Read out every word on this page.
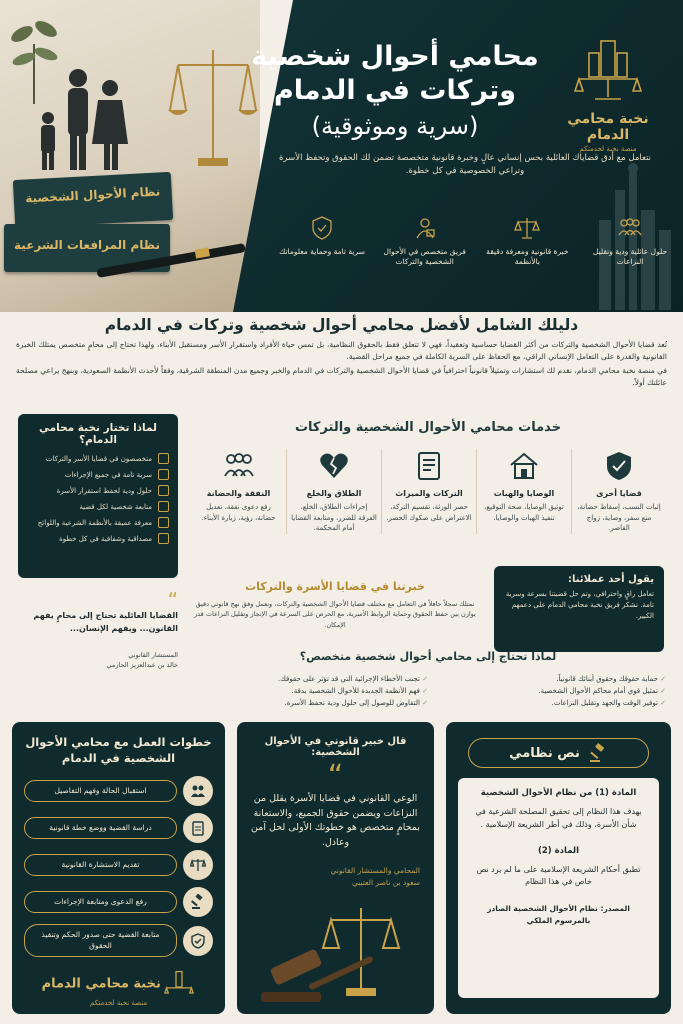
نظام الأحوال الشخصية
نظام المرافعات الشرعية
نخبة محامي الدمام
منصة نخبة لخدمتكم
محامي أحوال شخصية
وتركات في الدمام
(سرية وموثوقية)

نتعامل مع أدق قضاياك العائلية بحس إنساني عالٍ وخبرة قانونية متخصصة تضمن لك الحقوق وتحفظ الأسرة وتراعي الخصوصية في كل خطوة.

حلول عائلية ودية وتقليل النزاعات
خبرة قانونية ومعرفة دقيقة بالأنظمة
فريق متخصص في الأحوال الشخصية والتركات
سرية تامة وحماية معلوماتك
دليلك الشامل لأفضل محامي أحوال شخصية وتركات في الدمام

تُعد قضايا الأحوال الشخصية والتركات من أكثر القضايا حساسية وتعقيداً، فهي لا تتعلق فقط بالحقوق النظامية، بل تمس حياة الأفراد واستقرار الأسر ومستقبل الأبناء، ولهذا تحتاج إلى محامٍ متخصص يمتلك الخبرة القانونية والقدرة على التعامل الإنساني الراقي، مع الحفاظ على السرية الكاملة في جميع مراحل القضية.

في منصة نخبة محامي الدمام، نقدم لك استشارات وتمثيلاً قانونياً احترافياً في قضايا الأحوال الشخصية والتركات في الدمام والخبر وجميع مدن المنطقة الشرقية، وفقاً لأحدث الأنظمة السعودية، وبنهج يراعي مصلحة عائلتك أولاً.

لماذا تختار نخبة محامي الدمام؟
متخصصون في قضايا الأسر والتركات
سرية تامة في جميع الإجراءات
حلول ودية لحفظ استقرار الأسرة
متابعة شخصية لكل قضية
معرفة عميقة بالأنظمة الشرعية واللوائح
مصداقية وشفافية في كل خطوة
خدمات محامي الأحوال الشخصية والتركات
قضايا أخرى
إثبات النسب، إسقاط حضانة، منع سفر، وصاية، زواج القاصر.
الوصايا والهبات
توثيق الوصايا، صحة التوقيع، تنفيذ الهبات والوصايا.
التركات والميراث
حصر الورثة، تقسيم التركة، الاعتراض على صكوك الحصر.
الطلاق والخلع
إجراءات الطلاق، الخلع، الفرقة للضرر، ومتابعة القضايا أمام المحكمة.
النفقة والحضانة
رفع دعوى نفقة، تعديل حضانة، رؤية، زيارة الأبناء.
“
القضايا العائلية تحتاج إلى محامٍ يفهم القانون... ويفهم الإنسان...
المستشار القانوني
خالد بن عبدالعزيز الحازمي
خبرتنا في قضايا الأسرة والتركات

نمتلك سجلاً حافلاً في التعامل مع مختلف قضايا الأحوال الشخصية والتركات، ونعمل وفق نهج قانوني دقيق يوازن بين حفظ الحقوق وحماية الروابط الأسرية، مع الحرص على السرعة في الإنجاز وتقليل النزاعات قدر الإمكان.

يقول أحد عملائنا:

تعامل راقٍ واحترافي، وتم حل قضيتنا بسرعة وسرية تامة. نشكر فريق نخبة محامي الدمام على دعمهم الكبير.

لماذا تحتاج إلى محامي أحوال شخصية متخصص؟
✓ حماية حقوقك وحقوق أبنائك قانونياً.
✓ تمثيل قوي أمام محاكم الأحوال الشخصية.
✓ توفير الوقت والجهد وتقليل النزاعات.
✓ تجنب الأخطاء الإجرائية التي قد تؤثر على حقوقك.
✓ فهم الأنظمة الجديدة للأحوال الشخصية بدقة.
✓ التفاوض للوصول إلى حلول ودية تحفظ الأسرة.
نص نظامي
المادة (1) من نظام الأحوال الشخصية
يهدف هذا النظام إلى تحقيق المصلحة الشرعية في شأن الأسرة، وذلك في أطر الشريعة الإسلامية .
المادة (2)
تطبق أحكام الشريعة الإسلامية على ما لم يرد نص خاص في هذا النظام
المصدر: نظام الأحوال الشخصية الصادر بالمرسوم الملكي
قال خبير قانوني في الأحوال الشخصية:
“
الوعي القانوني في قضايا الأسرة يقلل من النزاعات ويضمن حقوق الجميع، والاستعانة بمحامٍ متخصص هو خطوتك الأولى لحل آمن وعادل.
المحامي والمستشار القانوني
سعود بن ناصر العتيبي
خطوات العمل مع محامي الأحوال الشخصية في الدمام
استقبال الحالة وفهم التفاصيل
دراسة القضية ووضع خطة قانونية
تقديم الاستشارة القانونية
رفع الدعوى ومتابعة الإجراءات
متابعة القضية حتى صدور الحكم وتنفيذ الحقوق
نخبة محامي الدمام
منصة نخبة لخدمتكم
